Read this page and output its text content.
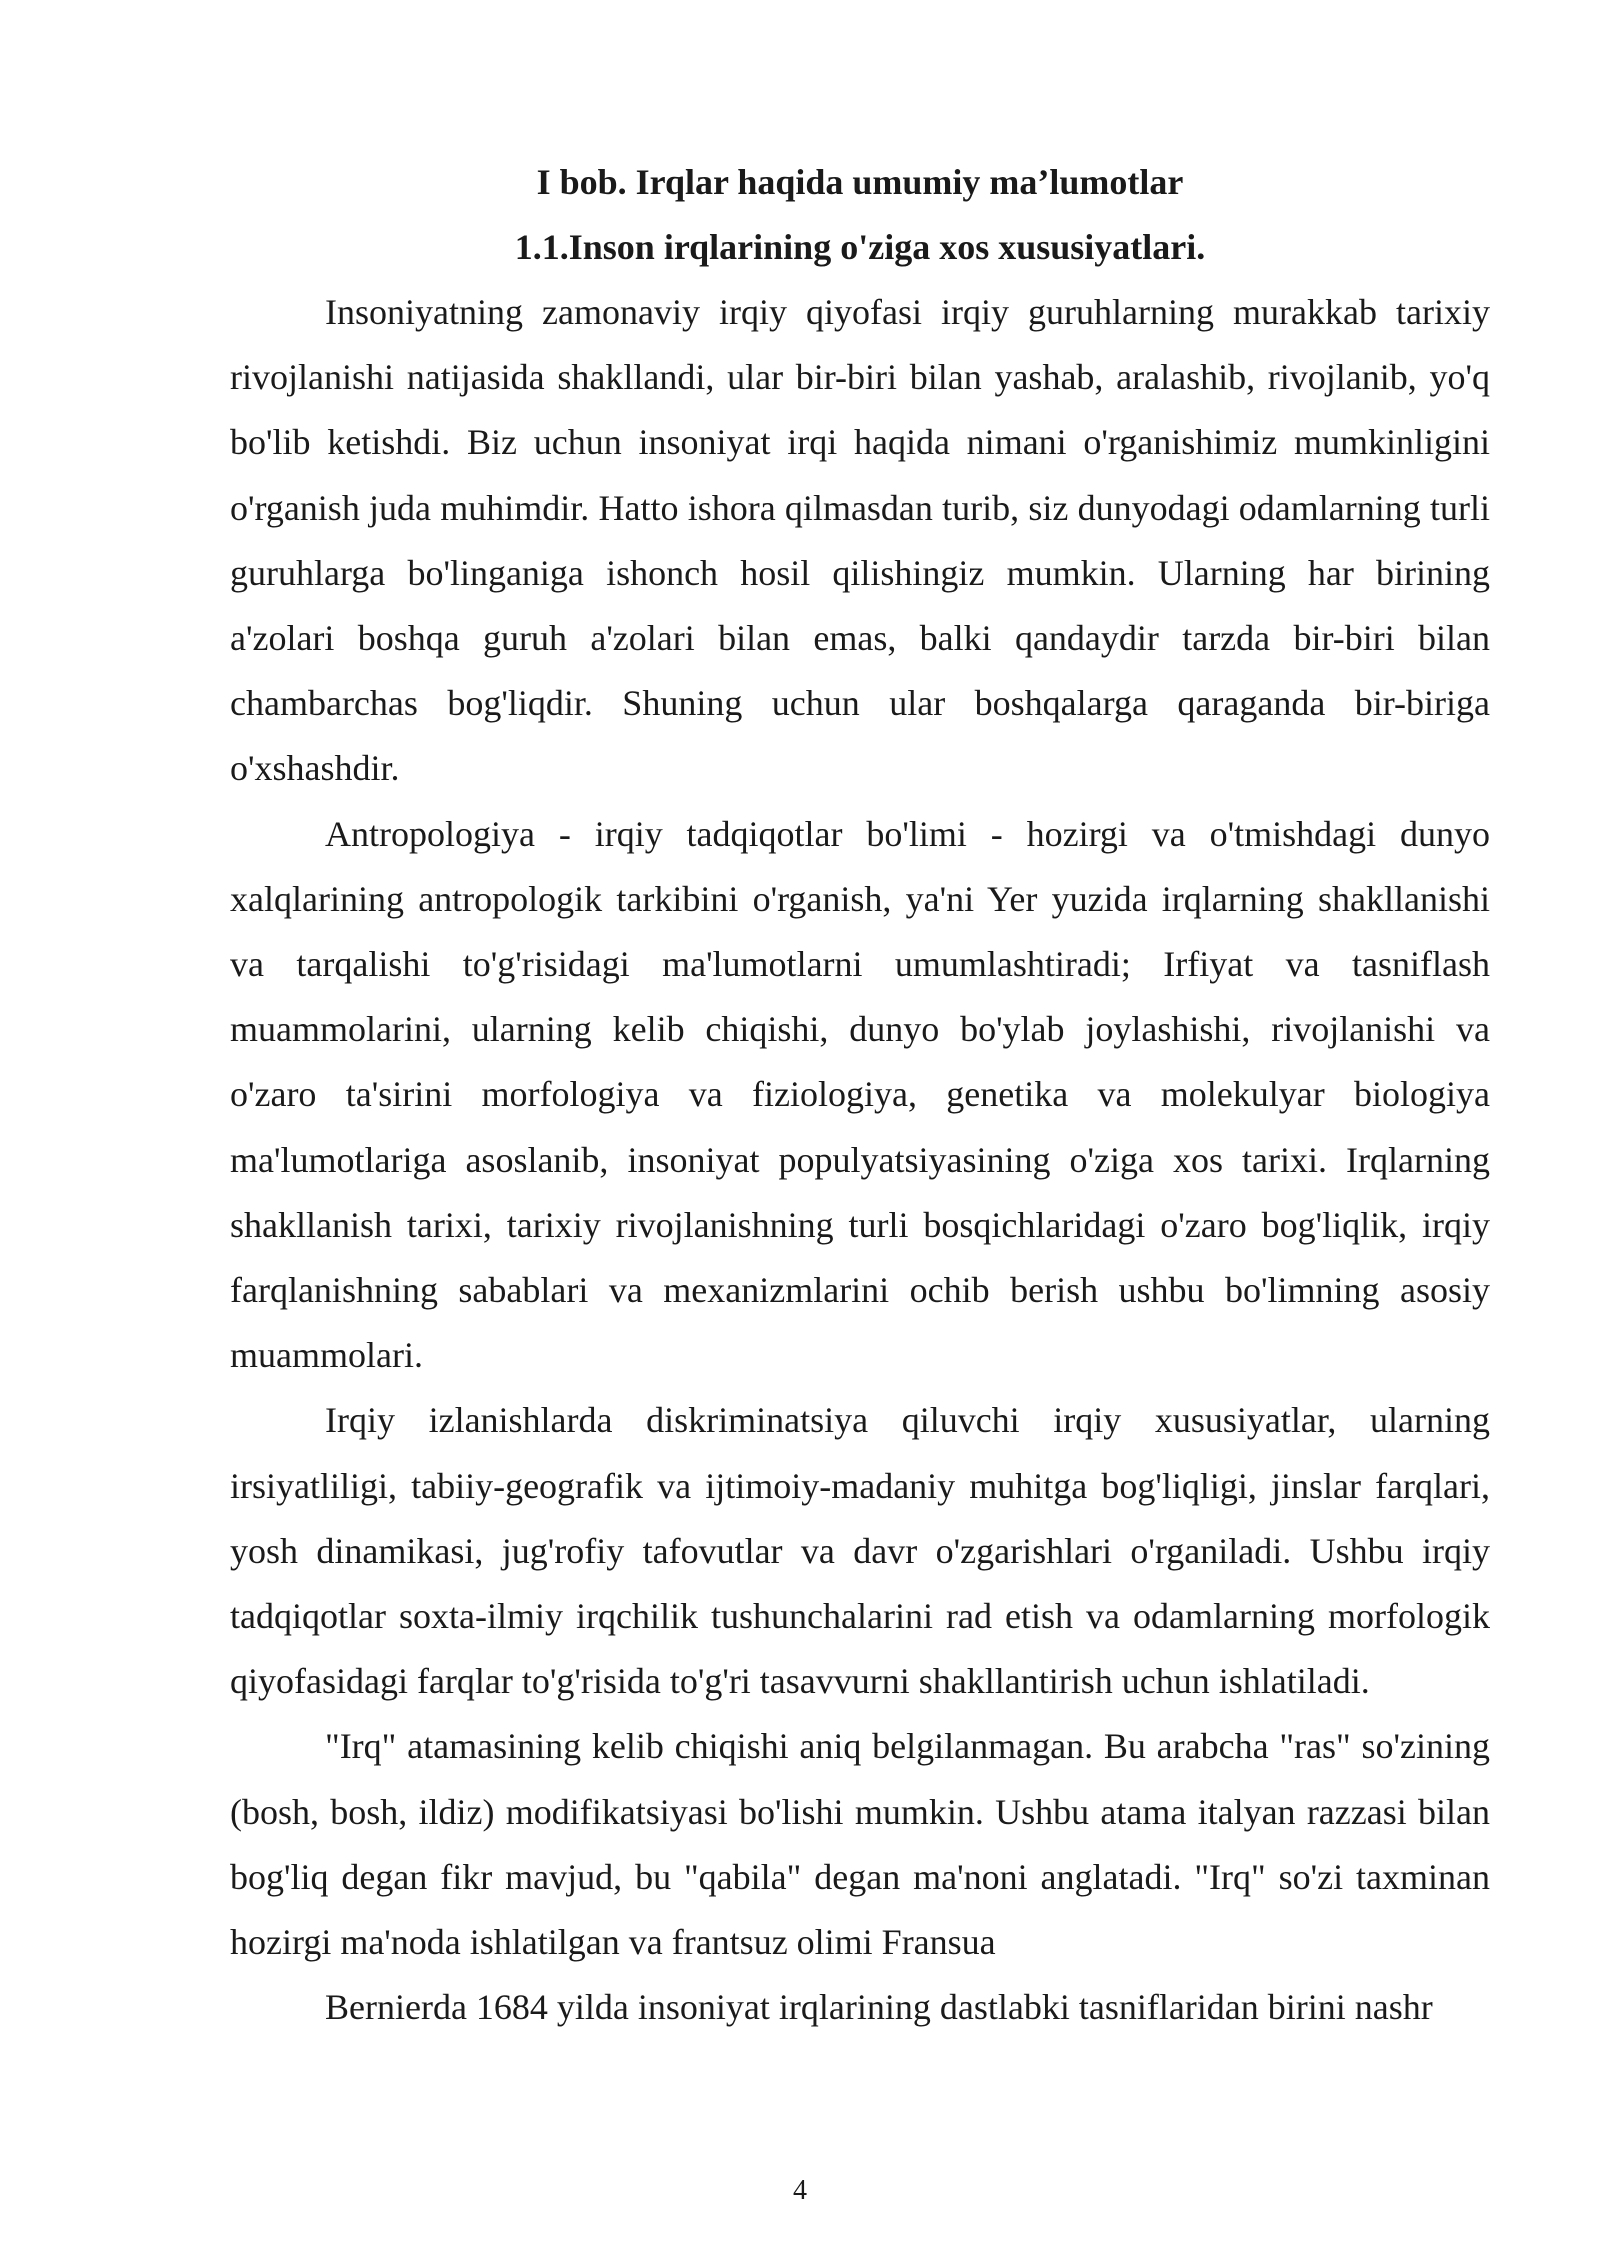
I bob. Irqlar haqida umumiy ma’lumotlar
1.1.Inson irqlarining o'ziga xos xususiyatlari.

Insoniyatning zamonaviy irqiy qiyofasi irqiy guruhlarning murakkab tarixiy rivojlanishi natijasida shakllandi, ular bir-biri bilan yashab, aralashib, rivojlanib, yo'q bo'lib ketishdi. Biz uchun insoniyat irqi haqida nimani o'rganishimiz mumkinligini o'rganish juda muhimdir. Hatto ishora qilmasdan turib, siz dunyodagi odamlarning turli guruhlarga bo'linganiga ishonch hosil qilishingiz mumkin. Ularning har birining a'zolari boshqa guruh a'zolari bilan emas, balki qandaydir tarzda bir-biri bilan chambarchas bog'liqdir. Shuning uchun ular boshqalarga qaraganda bir-biriga o'xshashdir.

Antropologiya - irqiy tadqiqotlar bo'limi - hozirgi va o'tmishdagi dunyo xalqlarining antropologik tarkibini o'rganish, ya'ni Yer yuzida irqlarning shakllanishi va tarqalishi to'g'risidagi ma'lumotlarni umumlashtiradi; Irfiyat va tasniflash muammolarini, ularning kelib chiqishi, dunyo bo'ylab joylashishi, rivojlanishi va o'zaro ta'sirini morfologiya va fiziologiya, genetika va molekulyar biologiya ma'lumotlariga asoslanib, insoniyat populyatsiyasining o'ziga xos tarixi. Irqlarning shakllanish tarixi, tarixiy rivojlanishning turli bosqichlaridagi o'zaro bog'liqlik, irqiy farqlanishning sabablari va mexanizmlarini ochib berish ushbu bo'limning asosiy muammolari.

Irqiy izlanishlarda diskriminatsiya qiluvchi irqiy xususiyatlar, ularning irsiyatliligi, tabiiy-geografik va ijtimoiy-madaniy muhitga bog'liqligi, jinslar farqlari, yosh dinamikasi, jug'rofiy tafovutlar va davr o'zgarishlari o'rganiladi. Ushbu irqiy tadqiqotlar soxta-ilmiy irqchilik tushunchalarini rad etish va odamlarning morfologik qiyofasidagi farqlar to'g'risida to'g'ri tasavvurni shakllantirish uchun ishlatiladi.

"Irq" atamasining kelib chiqishi aniq belgilanmagan. Bu arabcha "ras" so'zining (bosh, bosh, ildiz) modifikatsiyasi bo'lishi mumkin. Ushbu atama italyan razzasi bilan bog'liq degan fikr mavjud, bu "qabila" degan ma'noni anglatadi. "Irq" so'zi taxminan hozirgi ma'noda ishlatilgan va frantsuz olimi Fransua

Bernierda 1684 yilda insoniyat irqlarining dastlabki tasniflaridan birini nashr

4
